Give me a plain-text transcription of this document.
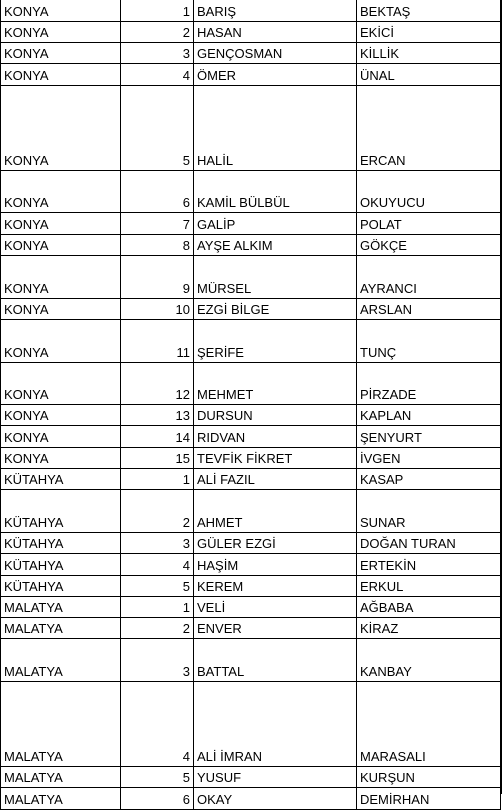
KONYA	1	BARIŞ	BEKTAŞ
KONYA	2	HASAN	EKİCİ
KONYA	3	GENÇOSMAN	KİLLİK
KONYA	4	ÖMER	ÜNAL
KONYA	5	HALİL	ERCAN
KONYA	6	KAMİL BÜLBÜL	OKUYUCU
KONYA	7	GALİP	POLAT
KONYA	8	AYŞE ALKIM	GÖKÇE
KONYA	9	MÜRSEL	AYRANCI
KONYA	10	EZGİ BİLGE	ARSLAN
KONYA	11	ŞERİFE	TUNÇ
KONYA	12	MEHMET	PİRZADE
KONYA	13	DURSUN	KAPLAN
KONYA	14	RIDVAN	ŞENYURT
KONYA	15	TEVFİK FİKRET	İVGEN
KÜTAHYA	1	ALİ FAZIL	KASAP
KÜTAHYA	2	AHMET	SUNAR
KÜTAHYA	3	GÜLER EZGİ	DOĞAN TURAN
KÜTAHYA	4	HAŞİM	ERTEKİN
KÜTAHYA	5	KEREM	ERKUL
MALATYA	1	VELİ	AĞBABA
MALATYA	2	ENVER	KİRAZ
MALATYA	3	BATTAL	KANBAY
MALATYA	4	ALİ İMRAN	MARASALI
MALATYA	5	YUSUF	KURŞUN
MALATYA	6	OKAY	DEMİRHAN
